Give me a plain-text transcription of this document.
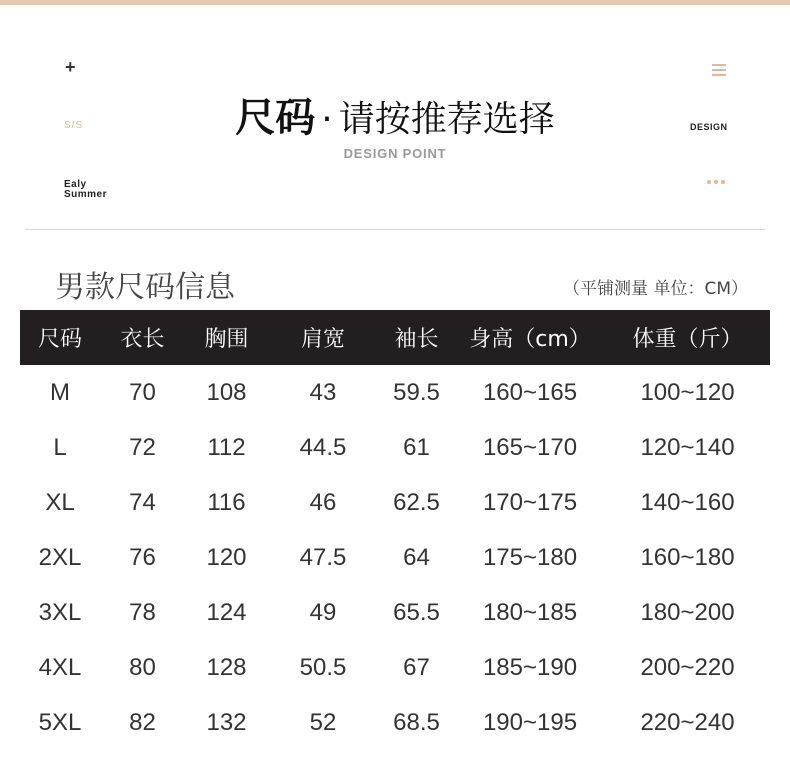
+
S/S
Ealy
Summer
DESIGN
尺码 · 请按推荐选择
DESIGN POINT
男款尺码信息	（平铺测量 单位：CM）
尺码	衣长	胸围	肩宽	袖长	身高（cm）	体重（斤）
M	70	108	43	59.5	160~165	100~120
L	72	112	44.5	61	165~170	120~140
XL	74	116	46	62.5	170~175	140~160
2XL	76	120	47.5	64	175~180	160~180
3XL	78	124	49	65.5	180~185	180~200
4XL	80	128	50.5	67	185~190	200~220
5XL	82	132	52	68.5	190~195	220~240
